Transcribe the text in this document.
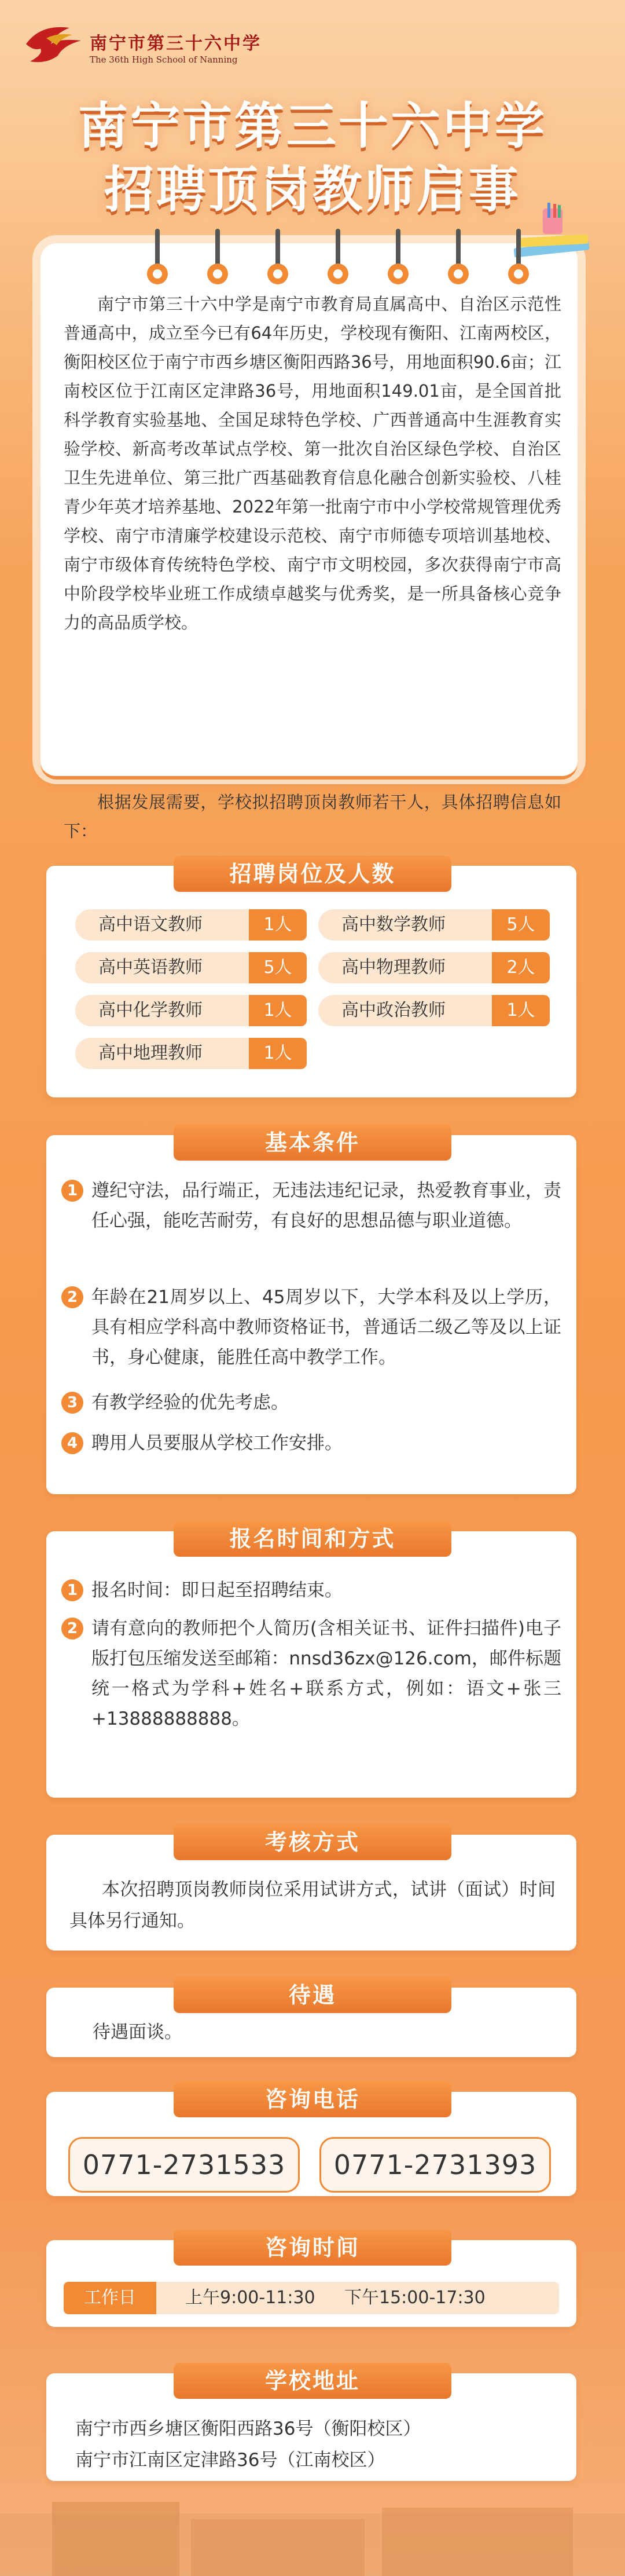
南宁市第三十六中学
The 36th High School of Nanning
南宁市第三十六中学
招聘顶岗教师启事
南宁市第三十六中学是南宁市教育局直属高中、自治区示范性普通高中，成立至今已有64年历史，学校现有衡阳、江南两校区，衡阳校区位于南宁市西乡塘区衡阳西路36号，用地面积90.6亩；江南校区位于江南区定津路36号，用地面积149.01亩，是全国首批科学教育实验基地、全国足球特色学校、广西普通高中生涯教育实验学校、新高考改革试点学校、第一批次自治区绿色学校、自治区卫生先进单位、第三批广西基础教育信息化融合创新实验校、八桂青少年英才培养基地、2022年第一批南宁市中小学校常规管理优秀学校、南宁市清廉学校建设示范校、南宁市师德专项培训基地校、南宁市级体育传统特色学校、南宁市文明校园，多次获得南宁市高中阶段学校毕业班工作成绩卓越奖与优秀奖，是一所具备核心竞争力的高品质学校。
根据发展需要，学校拟招聘顶岗教师若干人，具体招聘信息如下：
招聘岗位及人数
高中语文教师	1人	高中数学教师	5人
高中英语教师	5人	高中物理教师	2人
高中化学教师	1人	高中政治教师	1人
高中地理教师	1人
基本条件
1 遵纪守法，品行端正，无违法违纪记录，热爱教育事业，责任心强，能吃苦耐劳，有良好的思想品德与职业道德。
2 年龄在21周岁以上、45周岁以下，大学本科及以上学历，具有相应学科高中教师资格证书，普通话二级乙等及以上证书，身心健康，能胜任高中教学工作。
3 有教学经验的优先考虑。
4 聘用人员要服从学校工作安排。
报名时间和方式
1 报名时间：即日起至招聘结束。
2 请有意向的教师把个人简历(含相关证书、证件扫描件)电子版打包压缩发送至邮箱：nnsd36zx@126.com，邮件标题统一格式为学科+姓名+联系方式，例如：语文+张三+13888888888。
考核方式
本次招聘顶岗教师岗位采用试讲方式，试讲（面试）时间具体另行通知。
待遇
待遇面谈。
咨询电话
0771-2731533	0771-2731393
咨询时间
工作日	上午9:00-11:30 下午15:00-17:30
学校地址
南宁市西乡塘区衡阳西路36号（衡阳校区）
南宁市江南区定津路36号（江南校区）
